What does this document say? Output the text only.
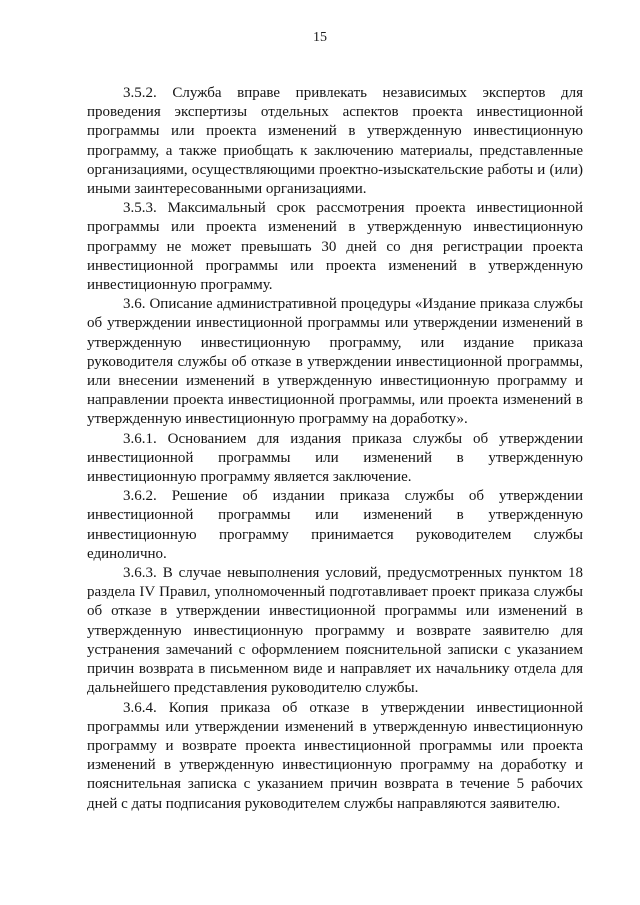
15

3.5.2. Служба вправе привлекать независимых экспертов для проведения экспертизы отдельных аспектов проекта инвестиционной программы или проекта изменений в утвержденную инвестиционную программу, а также приобщать к заключению материалы, представленные организациями, осуществляющими проектно-изыскательские работы и (или) иными заинтересованными организациями.

3.5.3. Максимальный срок рассмотрения проекта инвестиционной программы или проекта изменений в утвержденную инвестиционную программу не может превышать 30 дней со дня регистрации проекта инвестиционной программы или проекта изменений в утвержденную инвестиционную программу.

3.6. Описание административной процедуры «Издание приказа службы об утверждении инвестиционной программы или утверждении изменений в утвержденную инвестиционную программу, или издание приказа руководителя службы об отказе в утверждении инвестиционной программы, или внесении изменений в утвержденную инвестиционную программу и направлении проекта инвестиционной программы, или проекта изменений в утвержденную инвестиционную программу на доработку».

3.6.1. Основанием для издания приказа службы об утверждении инвестиционной программы или изменений в утвержденную инвестиционную программу является заключение.

3.6.2. Решение об издании приказа службы об утверждении инвестиционной программы или изменений в утвержденную инвестиционную программу принимается руководителем службы единолично.

3.6.3. В случае невыполнения условий, предусмотренных пунктом 18 раздела IV Правил, уполномоченный подготавливает проект приказа службы об отказе в утверждении инвестиционной программы или изменений в утвержденную инвестиционную программу и возврате заявителю для устранения замечаний с оформлением пояснительной записки с указанием причин возврата в письменном виде и направляет их начальнику отдела для дальнейшего представления руководителю службы.

3.6.4. Копия приказа об отказе в утверждении инвестиционной программы или утверждении изменений в утвержденную инвестиционную программу и возврате проекта инвестиционной программы или проекта изменений в утвержденную инвестиционную программу на доработку и пояснительная записка с указанием причин возврата в течение 5 рабочих дней с даты подписания руководителем службы направляются заявителю.
